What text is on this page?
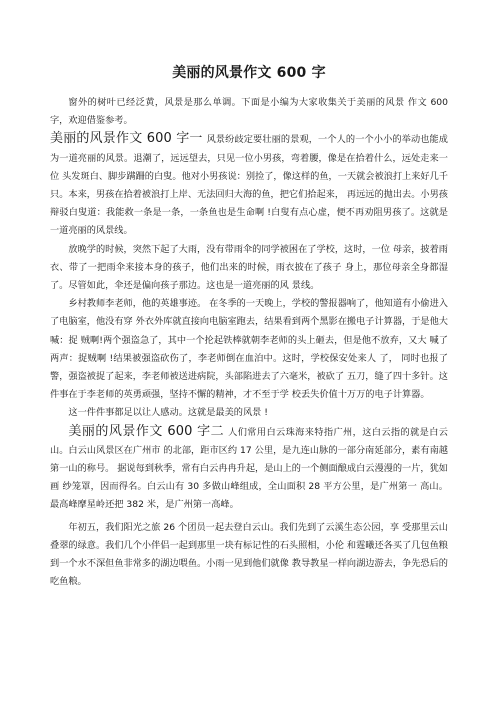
美丽的风景作文 600 字

窗外的树叶已经泛黄，风景是那么单调。下面是小编为大家收集关于美丽的风景 作文 600 字，欢迎借鉴参考。

美丽的风景作文 600 字一 风景纷歧定要壮丽的景观，一个人的一个小小的举动也能成为一道亮丽的风景。退潮了，远远望去，只见一位小男孩，弯着腰，像是在拾着什么，远处走来一位 头发斑白、脚步蹒跚的白叟。他对小男孩说：别捡了，像这样的鱼，一天就会被浪打上来好几千只。本来，男孩在拾着被浪打上岸、无法回归大海的鱼，把它们拾起来， 再远远的抛出去。小男孩辩驳白叟道：我能救一条是一条，一条鱼也是生命啊 !白叟有点心虚，便不再劝阻男孩了。这就是一道亮丽的风景线。

放晚学的时候，突然下起了大雨，没有带雨伞的同学被困在了学校，这时，一位 母亲，披着雨衣、带了一把雨伞来接本身的孩子，他们出来的时候，雨衣披在了孩子 身上，那位母亲全身都湿了。尽管如此，伞还是偏向孩子那边。这也是一道亮丽的风 景线。

乡村教师李老师，他的英雄事迹。 在冬季的一天晚上，学校的警报器响了，他知道有小偷进入了电脑室，他没有穿 外衣外库就直接向电脑室跑去，结果看到两个黑影在搬电子计算器，于是他大喊：捉 贼啊!两个强盗急了，其中一个抡起铁棒就朝李老师的头上砸去，但是他不放弃，又大 喊了两声：捉贼啊 !结果被强盗砍伤了，李老师倒在血泊中。这时，学校保安处来人 了， 同时也报了警，强盗被捉了起来，李老师被送进病院，头部陷进去了六毫米，被砍了 五刀，缝了四十多针。这件事在于李老师的英勇顽强，坚持不懈的精神，才不至于学 校丢失价值十万万的电子计算器。

这一件件事都足以让人感动。这就是最美的风景 !

美丽的风景作文 600 字二 人们常用白云珠海来特指广州，这白云指的就是白云山。白云山风景区在广州市 的北部，距市区约 17 公里，是九连山脉的一部分南延部分，素有南越第一山的称号。 据说每到秋季，常有白云冉冉升起，是山上的一个侧面酿成白云漫漫的一片，犹如画 纱笼罩，因而得名。白云山有 30 多做山峰组成，全山面积 28 平方公里，是广州第一 高山。最高峰摩星岭还把 382 米，是广州第一高峰。

年初五，我们阳光之旅 26 个团员一起去登白云山。我们先到了云溪生态公园，享 受那里云山叠翠的绿意。我们几个小伴侣一起到那里一块有标记性的石头照相，小伦 和霆曦还各买了几包鱼粮到一个水不深但鱼非常多的湖边喂鱼。小雨一见到他们就像 教导教星一样向湖边游去，争先恐后的吃鱼粮。
